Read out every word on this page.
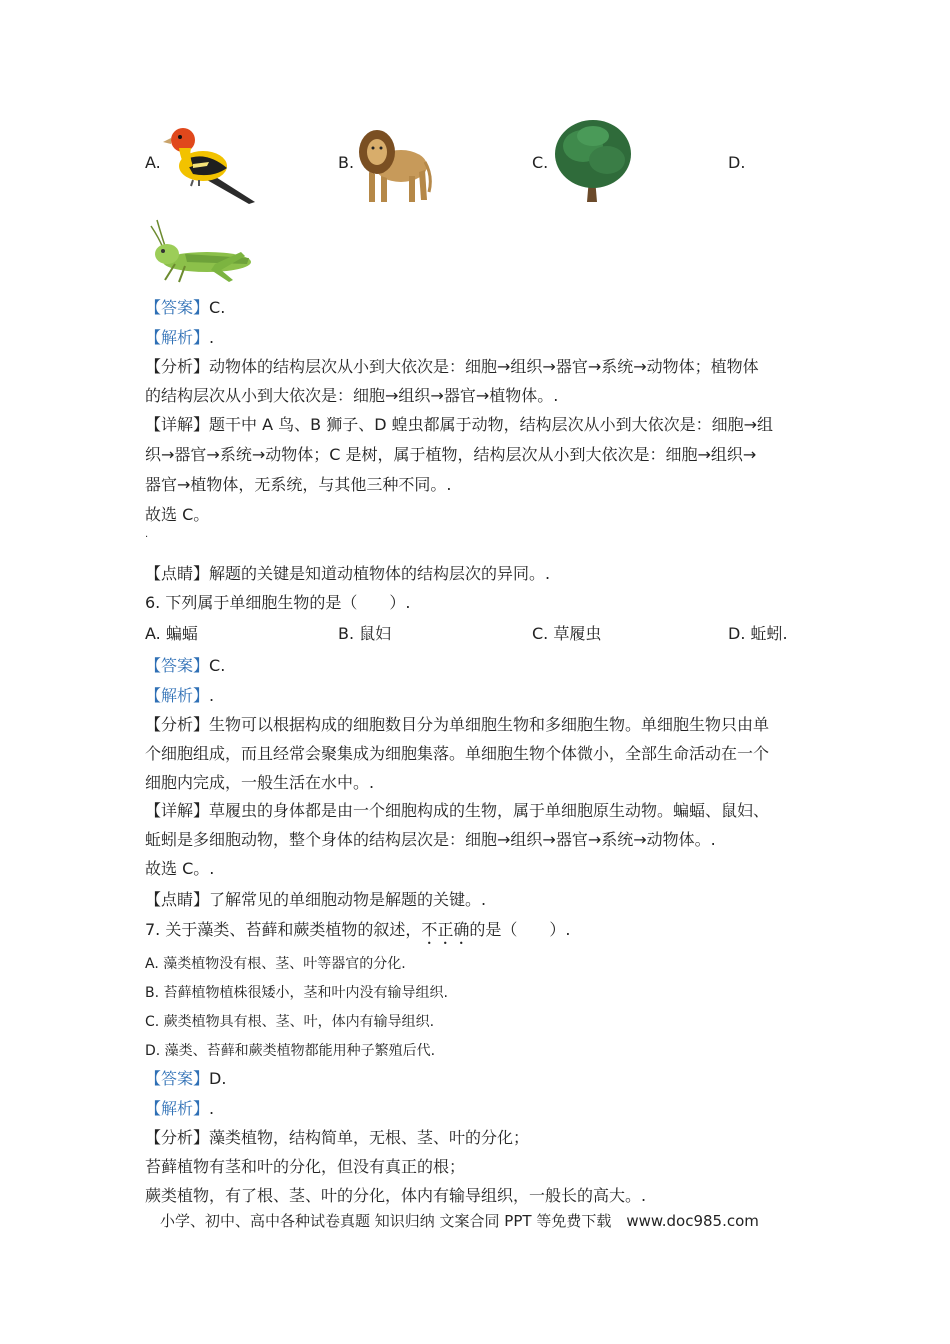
A.	B.	C.	D.
【答案】C.
【解析】.
【分析】动物体的结构层次从小到大依次是：细胞→组织→器官→系统→动物体；植物体
的结构层次从小到大依次是：细胞→组织→器官→植物体。.
【详解】题干中 A 鸟、B 狮子、D 蝗虫都属于动物，结构层次从小到大依次是：细胞→组
织→器官→系统→动物体；C 是树，属于植物，结构层次从小到大依次是：细胞→组织→
器官→植物体，无系统，与其他三种不同。.
故选 C。
·
【点睛】解题的关键是知道动植物体的结构层次的异同。.
6. 下列属于单细胞生物的是（　　）.
A. 蝙蝠	B. 鼠妇	C. 草履虫	D. 蚯蚓.
【答案】C.
【解析】.
【分析】生物可以根据构成的细胞数目分为单细胞生物和多细胞生物。单细胞生物只由单
个细胞组成，而且经常会聚集成为细胞集落。单细胞生物个体微小，全部生命活动在一个
细胞内完成，一般生活在水中。.
【详解】草履虫的身体都是由一个细胞构成的生物，属于单细胞原生动物。蝙蝠、鼠妇、
蚯蚓是多细胞动物，整个身体的结构层次是：细胞→组织→器官→系统→动物体。.
故选 C。.
【点睛】了解常见的单细胞动物是解题的关键。.
7. 关于藻类、苔藓和蕨类植物的叙述，不正确的是（　　）.
A. 藻类植物没有根、茎、叶等器官的分化.
B. 苔藓植物植株很矮小，茎和叶内没有输导组织.
C. 蕨类植物具有根、茎、叶，体内有输导组织.
D. 藻类、苔藓和蕨类植物都能用种子繁殖后代.
【答案】D.
【解析】.
【分析】藻类植物，结构简单，无根、茎、叶的分化；
苔藓植物有茎和叶的分化，但没有真正的根；
蕨类植物，有了根、茎、叶的分化，体内有输导组织，一般长的高大。.
小学、初中、高中各种试卷真题 知识归纳 文案合同 PPT 等免费下载　www.doc985.com
